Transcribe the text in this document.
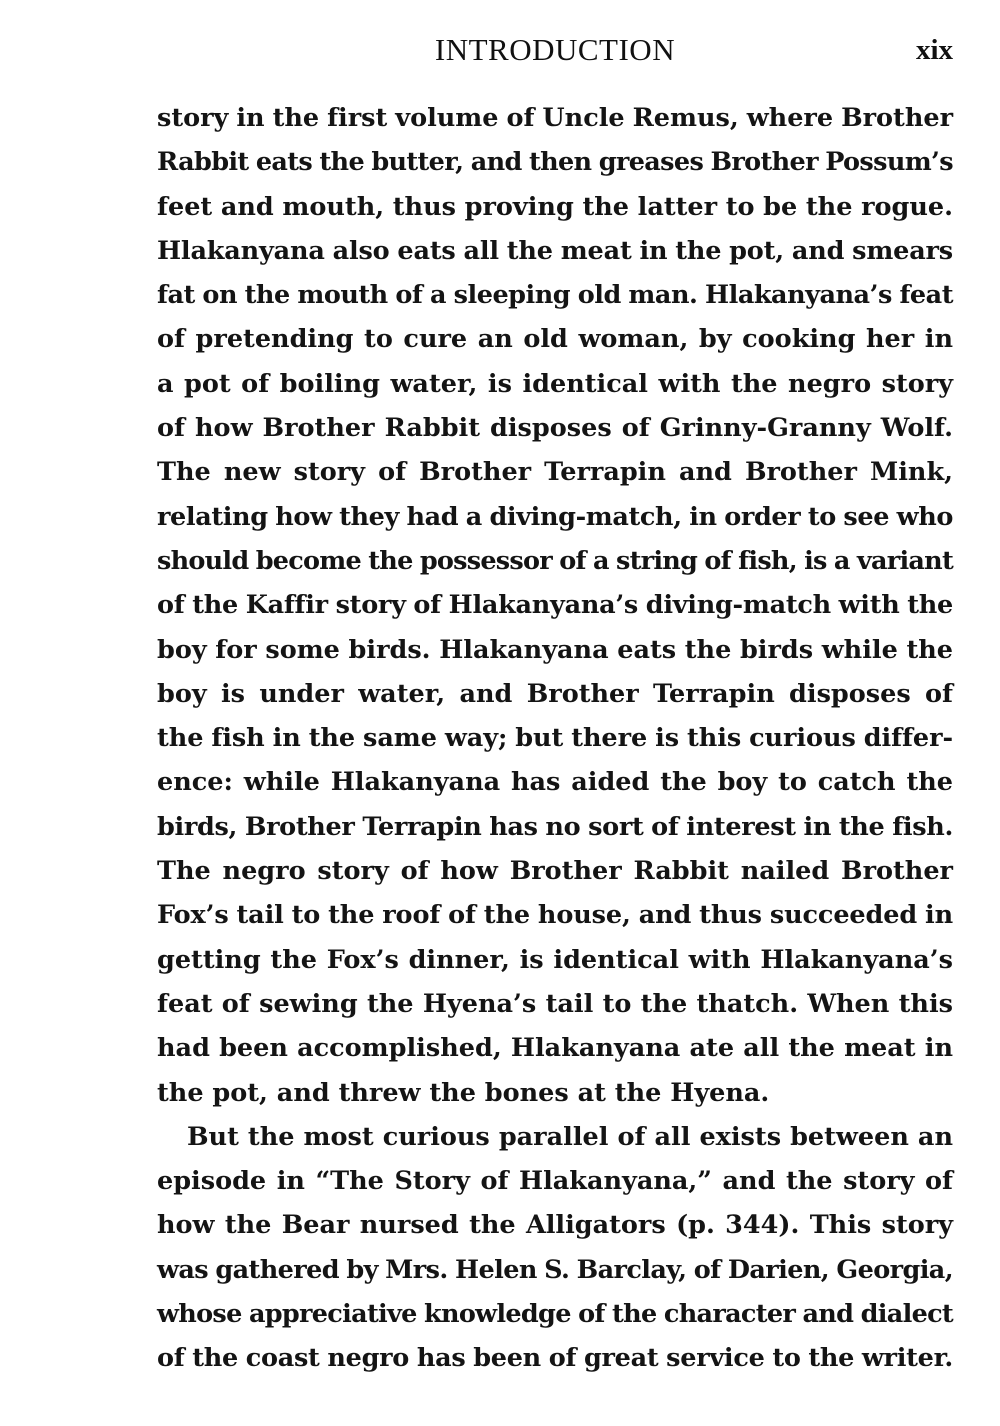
INTRODUCTION	xix
story in the first volume of Uncle Remus, where Brother
Rabbit eats the butter, and then greases Brother Possum’s
feet and mouth, thus proving the latter to be the rogue.
Hlakanyana also eats all the meat in the pot, and smears
fat on the mouth of a sleeping old man. Hlakanyana’s feat
of pretending to cure an old woman, by cooking her in
a pot of boiling water, is identical with the negro story
of how Brother Rabbit disposes of Grinny-Granny Wolf.
The new story of Brother Terrapin and Brother Mink,
relating how they had a diving-match, in order to see who
should become the possessor of a string of fish, is a variant
of the Kaffir story of Hlakanyana’s diving-match with the
boy for some birds. Hlakanyana eats the birds while the
boy is under water, and Brother Terrapin disposes of
the fish in the same way; but there is this curious differ-
ence: while Hlakanyana has aided the boy to catch the
birds, Brother Terrapin has no sort of interest in the fish.
The negro story of how Brother Rabbit nailed Brother
Fox’s tail to the roof of the house, and thus succeeded in
getting the Fox’s dinner, is identical with Hlakanyana’s
feat of sewing the Hyena’s tail to the thatch. When this
had been accomplished, Hlakanyana ate all the meat in
the pot, and threw the bones at the Hyena.
But the most curious parallel of all exists between an
episode in “The Story of Hlakanyana,” and the story of
how the Bear nursed the Alligators (p. 344). This story
was gathered by Mrs. Helen S. Barclay, of Darien, Georgia,
whose appreciative knowledge of the character and dialect
of the coast negro has been of great service to the writer.
